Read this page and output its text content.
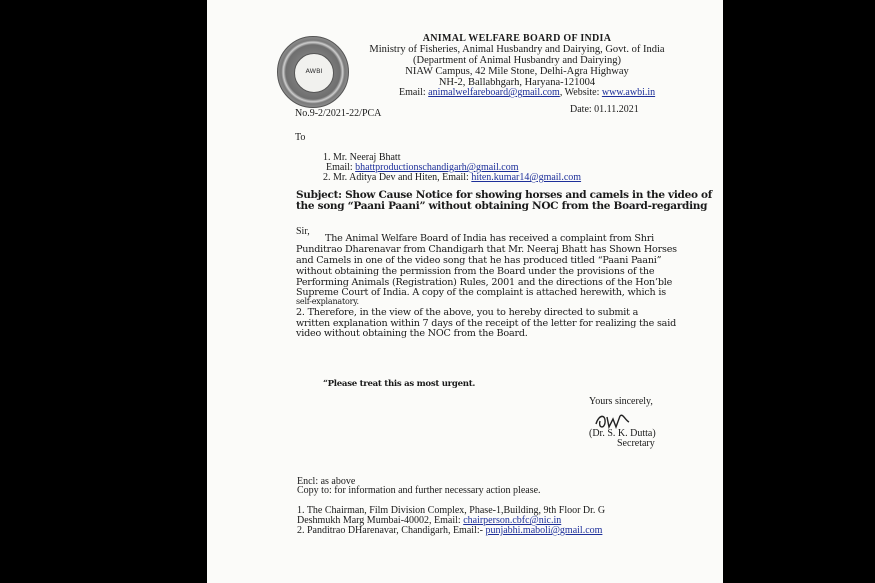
AWBI
ANIMAL WELFARE BOARD OF INDIA
Ministry of Fisheries, Animal Husbandry and Dairying, Govt. of India
(Department of Animal Husbandry and Dairying)
NIAW Campus, 42 Mile Stone, Delhi-Agra Highway
NH-2, Ballabhgarh, Haryana-121004
Email: animalwelfareboard@gmail.com, Website: www.awbi.in
No.9-2/2021-22/PCA	Date: 01.11.2021
To
1. Mr. Neeraj Bhatt
Email: bhattproductionschandigarh@gmail.com
2. Mr. Aditya Dev and Hiten, Email: hiten.kumar14@gmail.com
Subject: Show Cause Notice for showing horses and camels in the video of
the song “Paani Paani” without obtaining NOC from the Board-regarding
Sir,
The Animal Welfare Board of India has received a complaint from Shri
Punditrao Dharenavar from Chandigarh that Mr. Neeraj Bhatt has Shown Horses
and Camels in one of the video song that he has produced titled “Paani Paani”
without obtaining the permission from the Board under the provisions of the
Performing Animals (Registration) Rules, 2001 and the directions of the Hon’ble
Supreme Court of India. A copy of the complaint is attached herewith, which is
self-explanatory.
2. Therefore, in the view of the above, you to hereby directed to submit a
written explanation within 7 days of the receipt of the letter for realizing the said
video without obtaining the NOC from the Board.
“Please treat this as most urgent.
Yours sincerely,
(Dr. S. K. Dutta)
Secretary
Encl: as above
Copy to: for information and further necessary action please.
1. The Chairman, Film Division Complex, Phase-1,Building, 9th Floor Dr. G
Deshmukh Marg Mumbai-40002, Email: chairperson.cbfc@nic.in
2. Panditrao DHarenavar, Chandigarh, Email:- punjabhi.maboli@gmail.com
